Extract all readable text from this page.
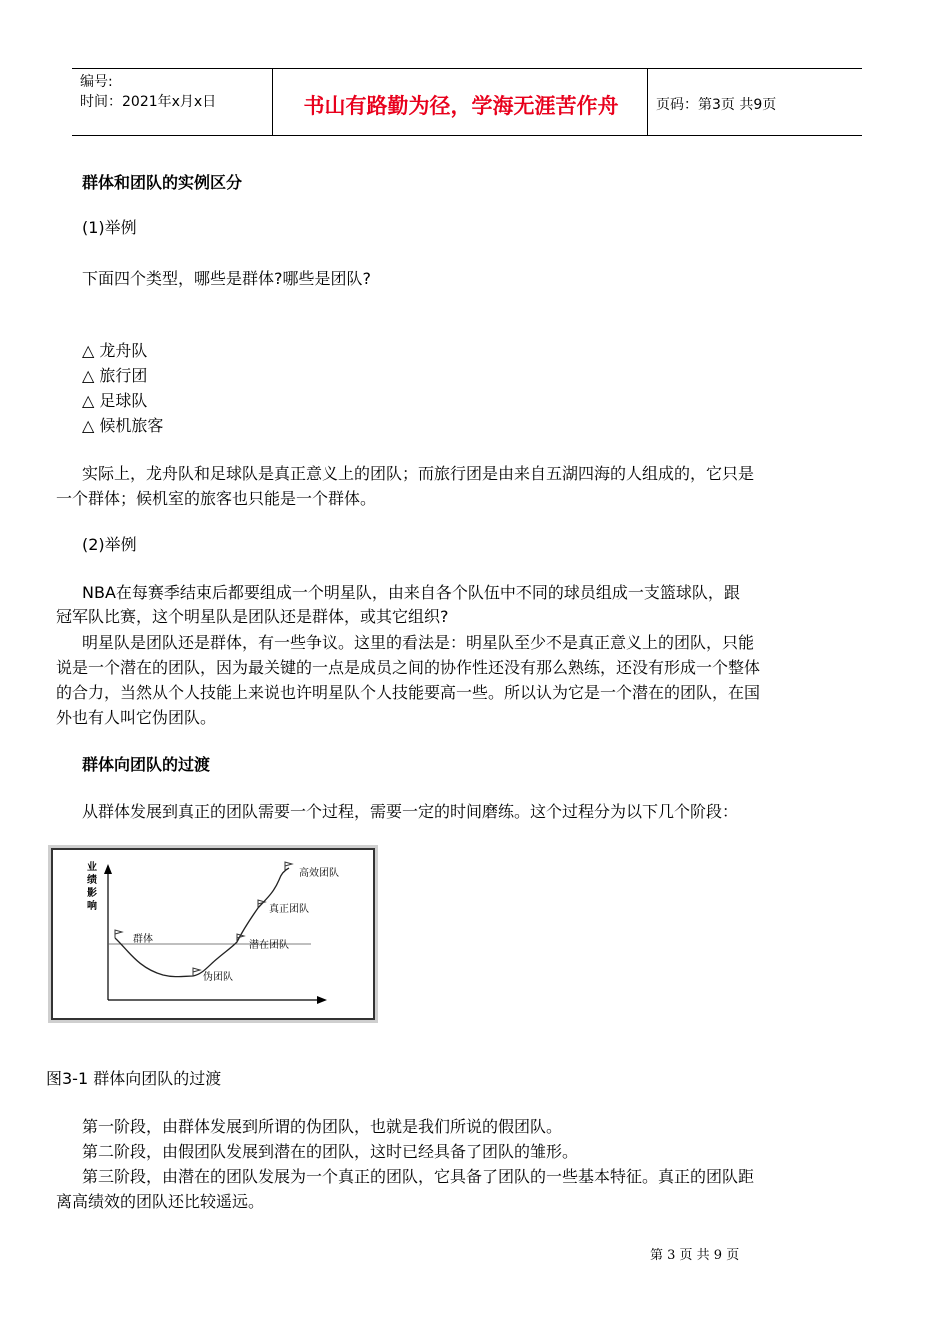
编号:
时间：2021年x月x日	书山有路勤为径，学海无涯苦作舟	页码：第3页 共9页
群体和团队的实例区分
(1)举例
下面四个类型，哪些是群体?哪些是团队?
△ 龙舟队
△ 旅行团
△ 足球队
△ 候机旅客
实际上，龙舟队和足球队是真正意义上的团队；而旅行团是由来自五湖四海的人组成的，它只是
一个群体；候机室的旅客也只能是一个群体。
(2)举例
NBA在每赛季结束后都要组成一个明星队，由来自各个队伍中不同的球员组成一支篮球队，跟
冠军队比赛，这个明星队是团队还是群体，或其它组织?
明星队是团队还是群体，有一些争议。这里的看法是：明星队至少不是真正意义上的团队，只能
说是一个潜在的团队，因为最关键的一点是成员之间的协作性还没有那么熟练，还没有形成一个整体
的合力，当然从个人技能上来说也许明星队个人技能要高一些。所以认为它是一个潜在的团队，在国
外也有人叫它伪团队。
群体向团队的过渡
从群体发展到真正的团队需要一个过程，需要一定的时间磨练。这个过程分为以下几个阶段：
业绩影响
群体
伪团队
潜在团队
真正团队
高效团队
图3-1 群体向团队的过渡
第一阶段，由群体发展到所谓的伪团队，也就是我们所说的假团队。
第二阶段，由假团队发展到潜在的团队，这时已经具备了团队的雏形。
第三阶段，由潜在的团队发展为一个真正的团队，它具备了团队的一些基本特征。真正的团队距
离高绩效的团队还比较遥远。
第 3 页 共 9 页
